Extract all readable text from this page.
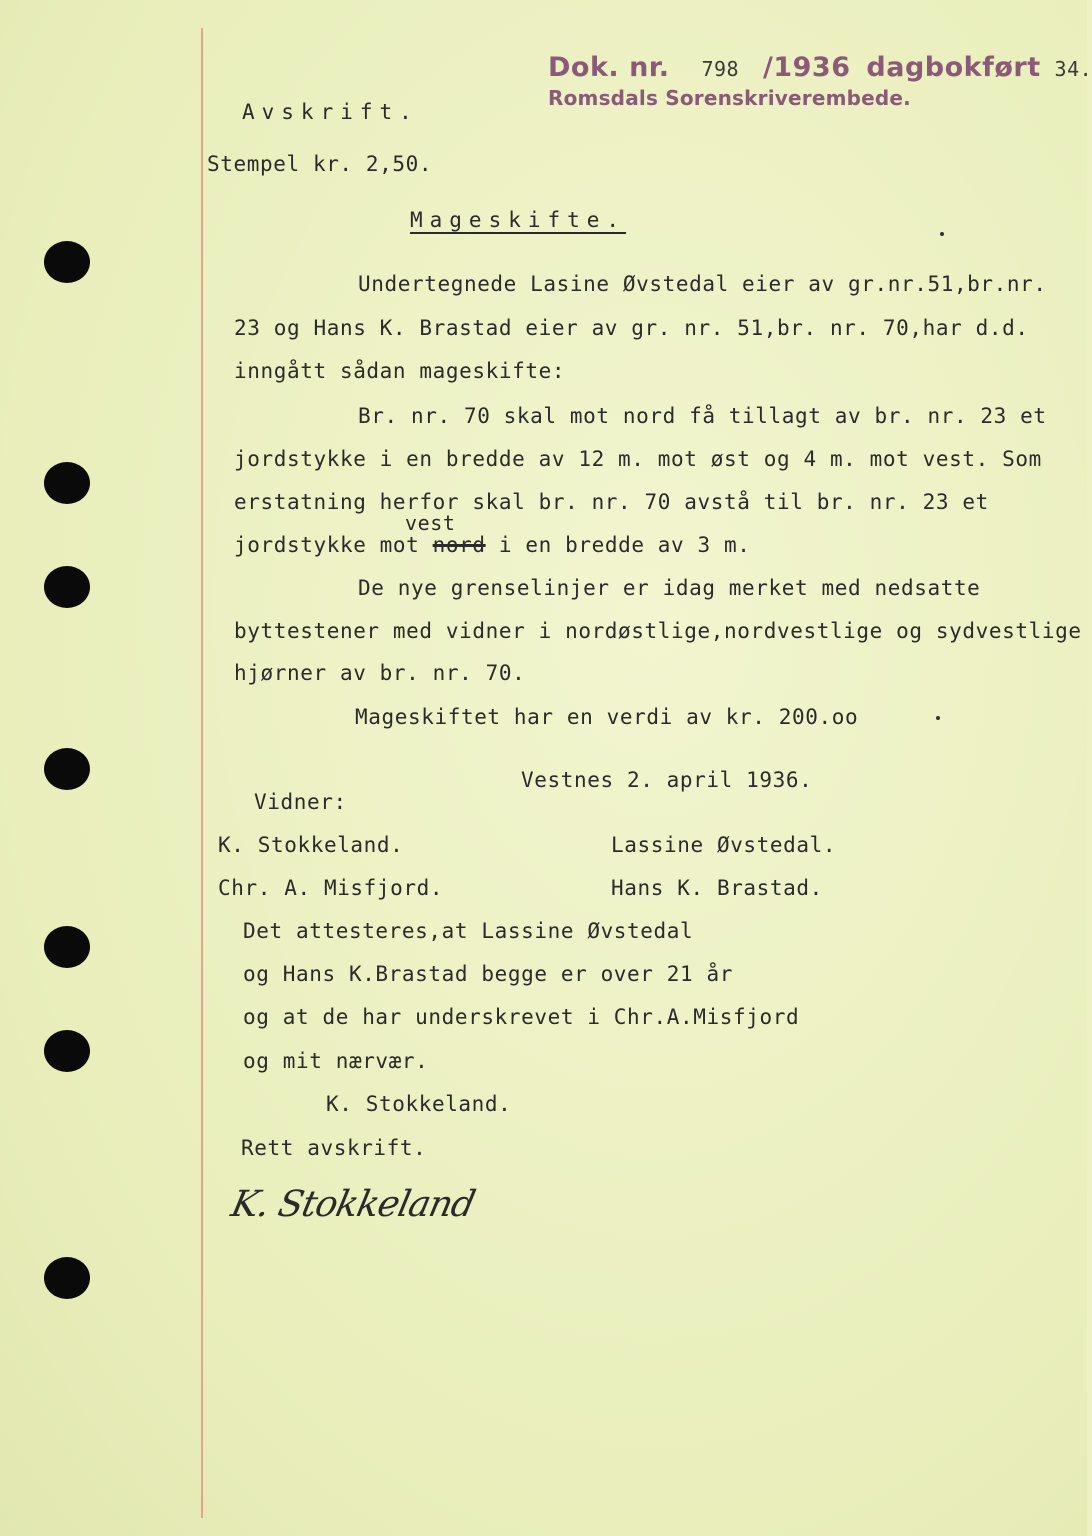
Dok. nr. 798 /1936 dagbokført 34.
Romsdals Sorenskriverembede.
Avskrift.
Stempel kr. 2,50.
Mageskifte.
Undertegnede Lasine Øvstedal eier av gr.nr.51,br.nr.
23 og Hans K. Brastad eier av gr. nr. 51,br. nr. 70,har d.d.
inngått sådan mageskifte:
Br. nr. 70 skal mot nord få tillagt av br. nr. 23 et
jordstykke i en bredde av 12 m. mot øst og 4 m. mot vest. Som
erstatning herfor skal br. nr. 70 avstå til br. nr. 23 et
vest
jordstykke mot nord i en bredde av 3 m.
De nye grenselinjer er idag merket med nedsatte
byttestener med vidner i nordøstlige,nordvestlige og sydvestlige
hjørner av br. nr. 70.
Mageskiftet har en verdi av kr. 200.oo
Vestnes 2. april 1936.
Vidner:
K. Stokkeland.	Lassine Øvstedal.
Chr. A. Misfjord.	Hans K. Brastad.
Det attesteres,at Lassine Øvstedal
og Hans K.Brastad begge er over 21 år
og at de har underskrevet i Chr.A.Misfjord
og mit nærvær.
K. Stokkeland.
Rett avskrift.
K. Stokkeland
